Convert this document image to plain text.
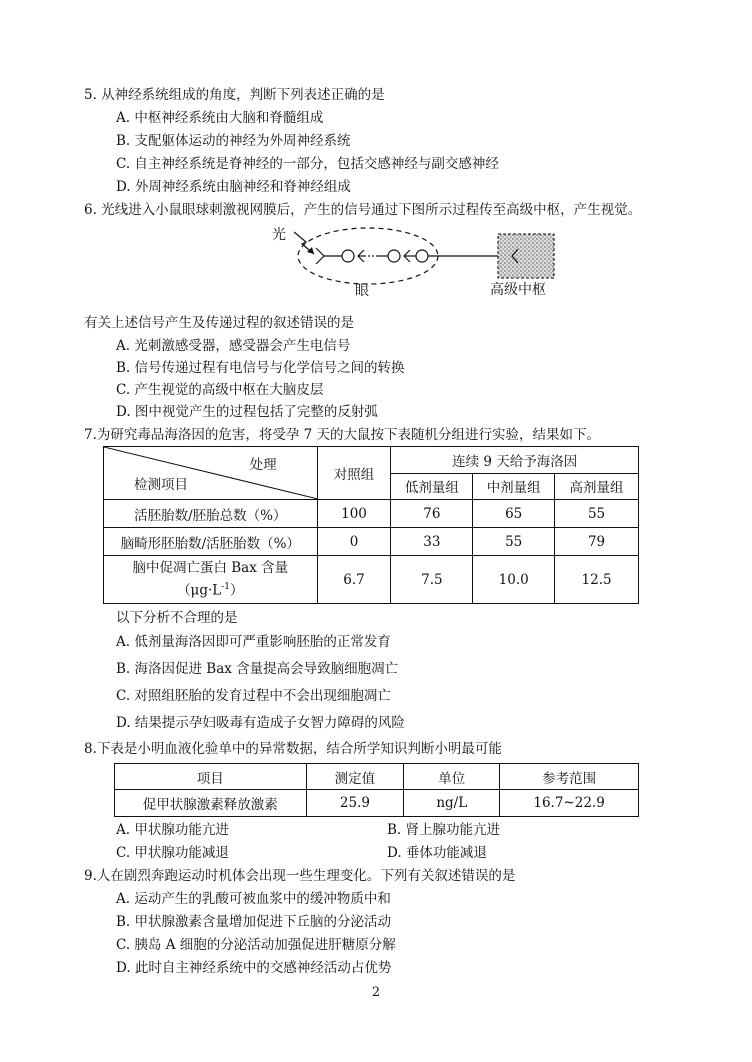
5. 从神经系统组成的角度，判断下列表述正确的是
A. 中枢神经系统由大脑和脊髓组成
B. 支配躯体运动的神经为外周神经系统
C. 自主神经系统是脊神经的一部分，包括交感神经与副交感神经
D. 外周神经系统由脑神经和脊神经组成
6. 光线进入小鼠眼球刺激视网膜后，产生的信号通过下图所示过程传至高级中枢，产生视觉。
光
眼	高级中枢
有关上述信号产生及传递过程的叙述错误的是
A. 光刺激感受器，感受器会产生电信号
B. 信号传递过程有电信号与化学信号之间的转换
C. 产生视觉的高级中枢在大脑皮层
D. 图中视觉产生的过程包括了完整的反射弧
7.为研究毒品海洛因的危害，将受孕 7 天的大鼠按下表随机分组进行实验，结果如下。
处理
检测项目	对照组	连续 9 天给予海洛因		
		低剂量组	中剂量组	高剂量组
活胚胎数/胚胎总数（%）	100	76	65	55
脑畸形胚胎数/活胚胎数（%）	0	33	55	79

脑中促凋亡蛋白 Bax 含量
$(\mu g\cdot L^{-1})$	6.7	7.5	10.0	12.5
以下分析不合理的是
A. 低剂量海洛因即可严重影响胚胎的正常发育
B. 海洛因促进 Bax 含量提高会导致脑细胞凋亡
C. 对照组胚胎的发育过程中不会出现细胞凋亡
D. 结果提示孕妇吸毒有造成子女智力障碍的风险
8.下表是小明血液化验单中的异常数据，结合所学知识判断小明最可能
项目	测定值	单位	参考范围
促甲状腺激素释放激素	25.9	ng/L	16.7~22.9
A. 甲状腺功能亢进	B. 肾上腺功能亢进
C. 甲状腺功能减退	D. 垂体功能减退
9.人在剧烈奔跑运动时机体会出现一些生理变化。下列有关叙述错误的是
A. 运动产生的乳酸可被血浆中的缓冲物质中和
B. 甲状腺激素含量增加促进下丘脑的分泌活动
C. 胰岛 A 细胞的分泌活动加强促进肝糖原分解
D. 此时自主神经系统中的交感神经活动占优势
2
